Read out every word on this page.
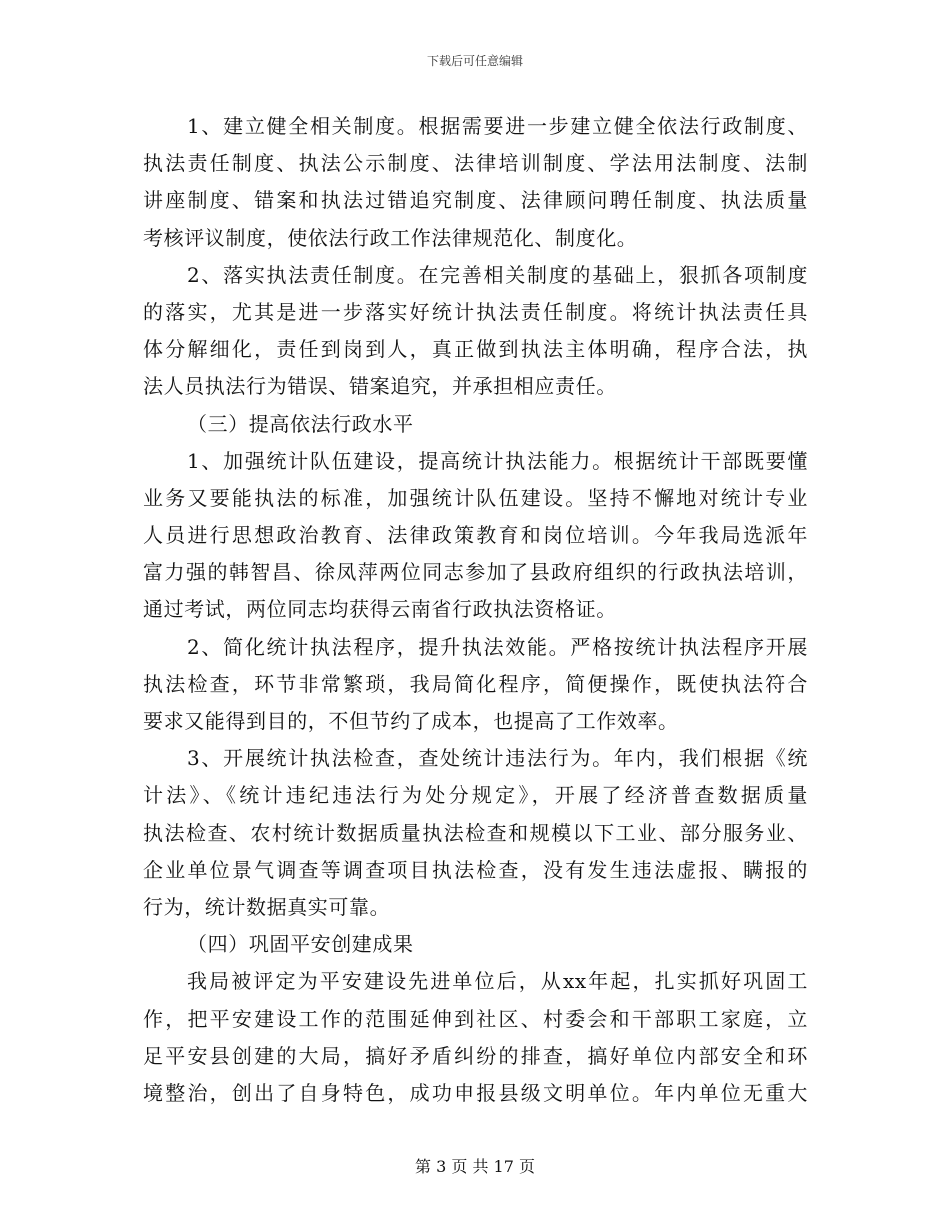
下载后可任意编辑
1、建立健全相关制度。根据需要进一步建立健全依法行政制度、
执法责任制度、执法公示制度、法律培训制度、学法用法制度、法制
讲座制度、错案和执法过错追究制度、法律顾问聘任制度、执法质量
考核评议制度，使依法行政工作法律规范化、制度化。
2、落实执法责任制度。在完善相关制度的基础上，狠抓各项制度
的落实，尤其是进一步落实好统计执法责任制度。将统计执法责任具
体分解细化，责任到岗到人，真正做到执法主体明确，程序合法，执
法人员执法行为错误、错案追究，并承担相应责任。
（三）提高依法行政水平
1、加强统计队伍建设，提高统计执法能力。根据统计干部既要懂
业务又要能执法的标准，加强统计队伍建设。坚持不懈地对统计专业
人员进行思想政治教育、法律政策教育和岗位培训。今年我局选派年
富力强的韩智昌、徐凤萍两位同志参加了县政府组织的行政执法培训，
通过考试，两位同志均获得云南省行政执法资格证。
2、简化统计执法程序，提升执法效能。严格按统计执法程序开展
执法检查，环节非常繁琐，我局简化程序，简便操作，既使执法符合
要求又能得到目的，不但节约了成本，也提高了工作效率。
3、开展统计执法检查，查处统计违法行为。年内，我们根据《统
计法》、《统计违纪违法行为处分规定》，开展了经济普查数据质量
执法检查、农村统计数据质量执法检查和规模以下工业、部分服务业、
企业单位景气调查等调查项目执法检查，没有发生违法虚报、瞒报的
行为，统计数据真实可靠。
（四）巩固平安创建成果
我局被评定为平安建设先进单位后，从xx年起，扎实抓好巩固工
作，把平安建设工作的范围延伸到社区、村委会和干部职工家庭，立
足平安县创建的大局，搞好矛盾纠纷的排查，搞好单位内部安全和环
境整治，创出了自身特色，成功申报县级文明单位。年内单位无重大
第 3 页 共 17 页
